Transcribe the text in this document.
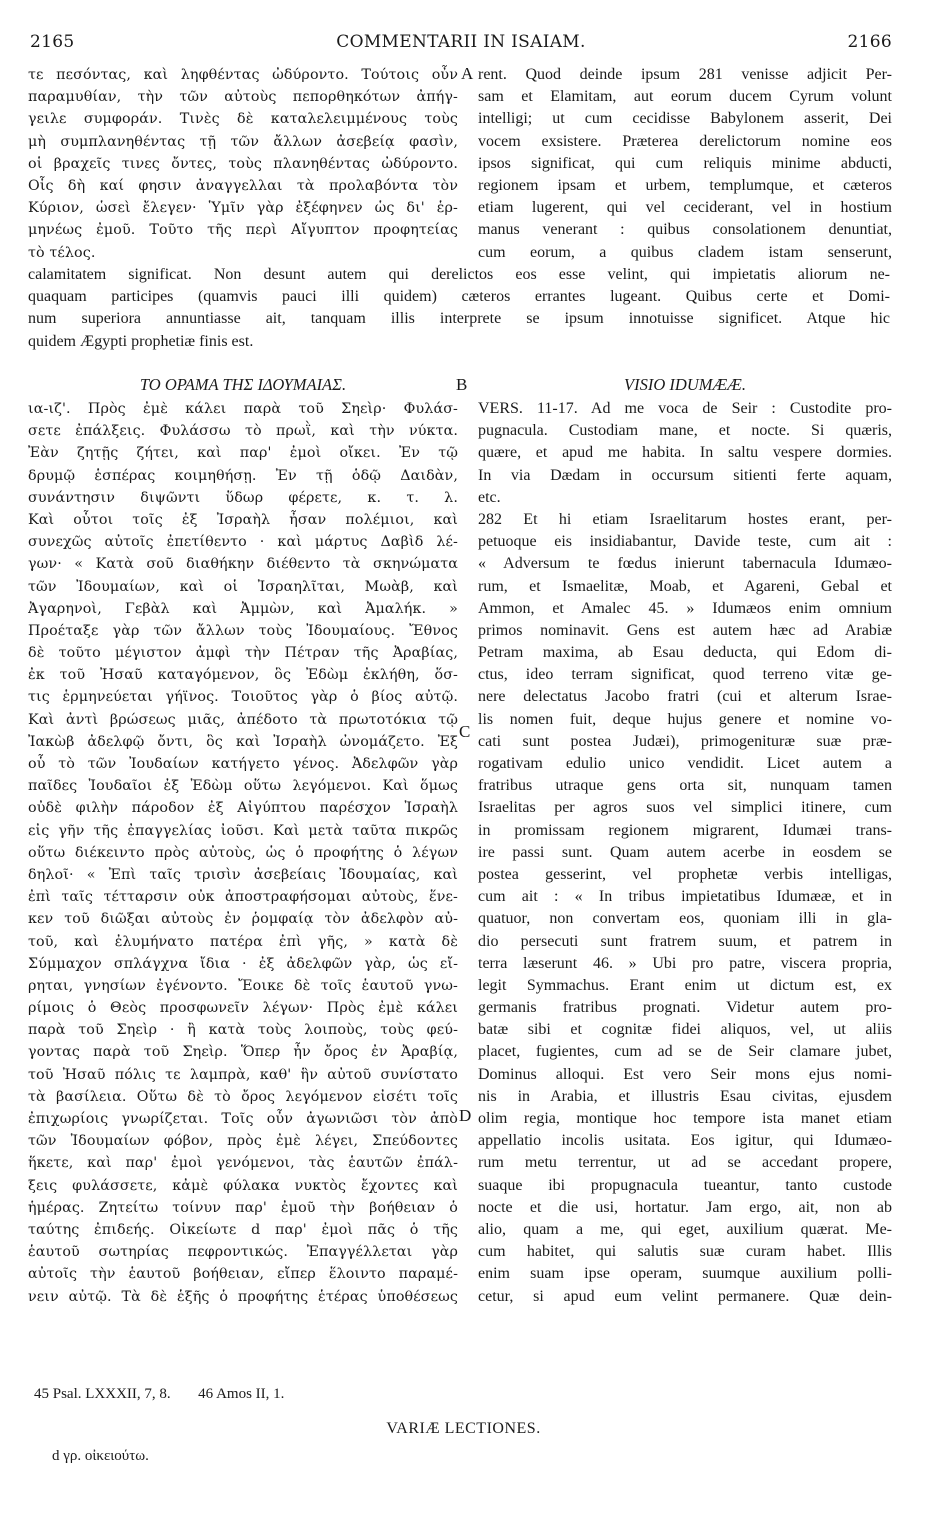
2165	COMMENTARII IN ISAIAM.	2166
τε πεσόντας, καὶ ληφθέντας ὠδύροντο. Τούτοις οὖν
παραμυθίαν, τὴν τῶν αὐτοὺς πεπορθηκότων ἀπήγ-
γειλε συμφοράν. Τινὲς δὲ καταλελειμμένους τοὺς
μὴ συμπλανηθέντας τῇ τῶν ἄλλων ἀσεβείᾳ φασὶν,
οἱ βραχεῖς τινες ὄντες, τοὺς πλανηθέντας ὠδύροντο.
Οἷς δὴ καί φησιν ἀναγγελλαι τὰ προλαβόντα τὸν
Κύριον, ὡσεὶ ἔλεγεν· Ὑμῖν γὰρ ἐξέφηνεν ὡς δι' ἑρ-
μηνέως ἐμοῦ. Τοῦτο τῆς περὶ Αἴγυπτον προφητείας
τὸ τέλος.
rent. Quod deinde ipsum 281 venisse adjicit Per-
sam et Elamitam, aut eorum ducem Cyrum volunt
intelligi; ut cum cecidisse Babylonem asserit, Dei
vocem exsistere. Præterea derelictorum nomine eos
ipsos significat, qui cum reliquis minime abducti,
regionem ipsam et urbem, templumque, et cæteros
etiam lugerent, qui vel ceciderant, vel in hostium
manus venerant : quibus consolationem denuntiat,
cum eorum, a quibus cladem istam senserunt,
calamitatem significat. Non desunt autem qui derelictos eos esse velint, qui impietatis aliorum ne-
quaquam participes (quamvis pauci illi quidem) cæteros errantes lugeant. Quibus certe et Domi-
num superiora annuntiasse ait, tanquam illis interprete se ipsum innotuisse significet. Atque hic
quidem Ægypti prophetiæ finis est.
ΤΟ ΟΡΑΜΑ ΤΗΣ ΙΔΟΥΜΑΙΑΣ.	VISIO IDUMÆÆ.
ια-ιζ'. Πρὸς ἐμὲ κάλει παρὰ τοῦ Σηεὶρ· Φυλάσ-
σετε ἐπάλξεις. Φυλάσσω τὸ πρωῒ, καὶ τὴν νύκτα.
Ἐὰν ζητῇς ζήτει, καὶ παρ' ἐμοὶ οἴκει. Ἐν τῷ
δρυμῷ ἑσπέρας κοιμηθήσῃ. Ἐν τῇ ὁδῷ Δαιδὰν,
συνάντησιν διψῶντι ὕδωρ φέρετε, κ. τ. λ.
Καὶ οὗτοι τοῖς ἐξ Ἰσραὴλ ἦσαν πολέμιοι, καὶ
συνεχῶς αὐτοῖς ἐπετίθεντο · καὶ μάρτυς Δαβὶδ λέ-
γων· « Κατὰ σοῦ διαθήκην διέθεντο τὰ σκηνώματα
τῶν Ἰδουμαίων, καὶ οἱ Ἰσραηλῖται, Μωὰβ, καὶ
Ἀγαρηνοὶ, Γεβὰλ καὶ Ἀμμὼν, καὶ Ἀμαλήκ. »
Προέταξε γὰρ τῶν ἄλλων τοὺς Ἰδουμαίους. Ἔθνος
δὲ τοῦτο μέγιστον ἀμφὶ τὴν Πέτραν τῆς Ἀραβίας,
ἐκ τοῦ Ἠσαῦ καταγόμενον, ὃς Ἐδὼμ ἐκλήθη, ὅσ-
τις ἑρμηνεύεται γήϊνος. Τοιοῦτος γὰρ ὁ βίος αὐτῷ.
Καὶ ἀντὶ βρώσεως μιᾶς, ἀπέδοτο τὰ πρωτοτόκια τῷ
Ἰακὼβ ἀδελφῷ ὄντι, ὃς καὶ Ἰσραὴλ ὠνομάζετο. Ἐξ
οὗ τὸ τῶν Ἰουδαίων κατήγετο γένος. Ἀδελφῶν γὰρ
παῖδες Ἰουδαῖοι ἐξ Ἐδὼμ οὕτω λεγόμενοι. Καὶ ὅμως
οὐδὲ φιλὴν πάροδον ἐξ Αἰγύπτου παρέσχον Ἰσραὴλ
εἰς γῆν τῆς ἐπαγγελίας ἰοῦσι. Καὶ μετὰ ταῦτα πικρῶς
οὕτω διέκειντο πρὸς αὐτοὺς, ὡς ὁ προφήτης ὁ λέγων
δηλοῖ· « Ἐπὶ ταῖς τρισὶν ἀσεβείαις Ἰδουμαίας, καὶ
ἐπὶ ταῖς τέτταρσιν οὐκ ἀποστραφήσομαι αὐτοὺς, ἕνε-
κεν τοῦ διῶξαι αὐτοὺς ἐν ῥομφαίᾳ τὸν ἀδελφὸν αὐ-
τοῦ, καὶ ἐλυμήνατο πατέρα ἐπὶ γῆς, » κατὰ δὲ
Σύμμαχον σπλάγχνα ἴδια · ἐξ ἀδελφῶν γὰρ, ὡς εἴ-
ρηται, γνησίων ἐγένοντο. Ἔοικε δὲ τοῖς ἑαυτοῦ γνω-
ρίμοις ὁ Θεὸς προσφωνεῖν λέγων· Πρὸς ἐμὲ κάλει
παρὰ τοῦ Σηεὶρ · ἢ κατὰ τοὺς λοιποὺς, τοὺς φεύ-
γοντας παρὰ τοῦ Σηεὶρ. Ὅπερ ἦν ὄρος ἐν Ἀραβίᾳ,
τοῦ Ἠσαῦ πόλις τε λαμπρὰ, καθ' ἣν αὐτοῦ συνίστατο
τὰ βασίλεια. Οὕτω δὲ τὸ ὄρος λεγόμενον εἰσέτι τοῖς
ἐπιχωρίοις γνωρίζεται. Τοῖς οὖν ἀγωνιῶσι τὸν ἀπὸ
τῶν Ἰδουμαίων φόβον, πρὸς ἐμὲ λέγει, Σπεύδοντες
ἥκετε, καὶ παρ' ἐμοὶ γενόμενοι, τὰς ἑαυτῶν ἐπάλ-
ξεις φυλάσσετε, κἀμὲ φύλακα νυκτὸς ἔχοντες καὶ
ἡμέρας. Ζητείτω τοίνυν παρ' ἐμοῦ τὴν βοήθειαν ὁ
ταύτης ἐπιδεής. Οἰκείωτε d παρ' ἐμοὶ πᾶς ὁ τῆς
ἑαυτοῦ σωτηρίας πεφροντικώς. Ἐπαγγέλλεται γὰρ
αὐτοῖς τὴν ἑαυτοῦ βοήθειαν, εἴπερ ἕλοιντο παραμέ-
νειν αὐτῷ. Τὰ δὲ ἑξῆς ὁ προφήτης ἑτέρας ὑποθέσεως
VERS. 11-17. Ad me voca de Seir : Custodite pro-
pugnacula. Custodiam mane, et nocte. Si quæris,
quære, et apud me habita. In saltu vespere dormies.
In via Dædam in occursum sitienti ferte aquam,
etc.
282 Et hi etiam Israelitarum hostes erant, per-
petuoque eis insidiabantur, Davide teste, cum ait :
« Adversum te fœdus inierunt tabernacula Idumæo-
rum, et Ismaelitæ, Moab, et Agareni, Gebal et
Ammon, et Amalec 45. » Idumæos enim omnium
primos nominavit. Gens est autem hæc ad Arabiæ
Petram maxima, ab Esau deducta, qui Edom di-
ctus, ideo terram significat, quod terreno vitæ ge-
nere delectatus Jacobo fratri (cui et alterum Israe-
lis nomen fuit, deque hujus genere et nomine vo-
cati sunt postea Judæi), primogenituræ suæ præ-
rogativam edulio unico vendidit. Licet autem a
fratribus utraque gens orta sit, nunquam tamen
Israelitas per agros suos vel simplici itinere, cum
in promissam regionem migrarent, Idumæi trans-
ire passi sunt. Quam autem acerbe in eosdem se
postea gesserint, vel prophetæ verbis intelligas,
cum ait : « In tribus impietatibus Idumææ, et in
quatuor, non convertam eos, quoniam illi in gla-
dio persecuti sunt fratrem suum, et patrem in
terra læserunt 46. » Ubi pro patre, viscera propria,
legit Symmachus. Erant enim ut dictum est, ex
germanis fratribus prognati. Videtur autem pro-
batæ sibi et cognitæ fidei aliquos, vel, ut aliis
placet, fugientes, cum ad se de Seir clamare jubet,
Dominus alloqui. Est vero Seir mons ejus nomi-
nis in Arabia, et illustris Esau civitas, ejusdem
olim regia, montique hoc tempore ista manet etiam
appellatio incolis usitata. Eos igitur, qui Idumæo-
rum metu terrentur, ut ad se accedant propere,
suaque ibi propugnacula tueantur, tanto custode
nocte et die usi, hortatur. Jam ergo, ait, non ab
alio, quam a me, qui eget, auxilium quærat. Me-
cum habitet, qui salutis suæ curam habet. Illis
enim suam ipse operam, suumque auxilium polli-
cetur, si apud eum velint permanere. Quæ dein-
A
B
C
D
45 Psal. LXXXII, 7, 8. 46 Amos II, 1.
VARIÆ LECTIONES.
d γρ. οἰκειούτω.
